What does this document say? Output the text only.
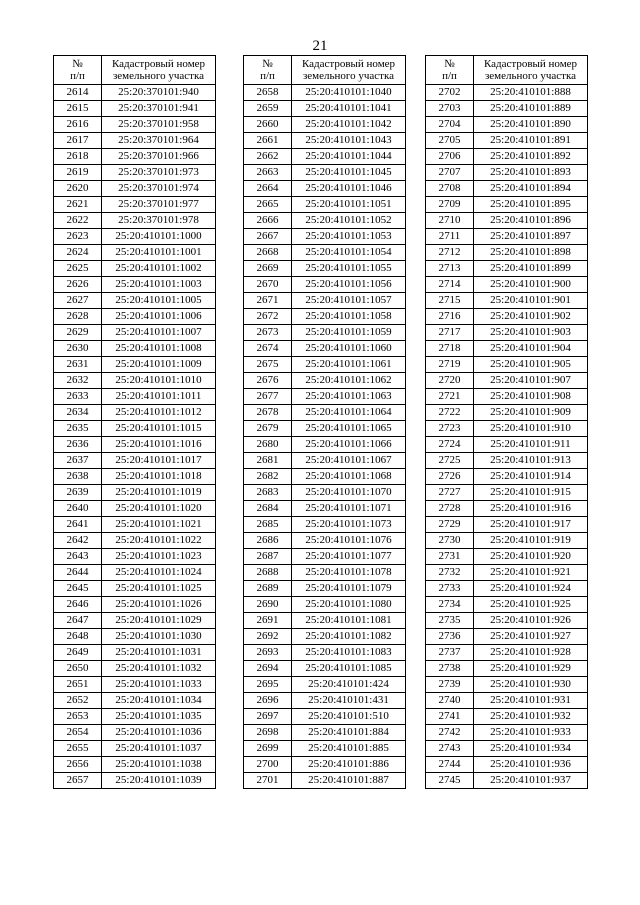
21
№
п/п	Кадастровый номер
земельного участка
2614	25:20:370101:940
2615	25:20:370101:941
2616	25:20:370101:958
2617	25:20:370101:964
2618	25:20:370101:966
2619	25:20:370101:973
2620	25:20:370101:974
2621	25:20:370101:977
2622	25:20:370101:978
2623	25:20:410101:1000
2624	25:20:410101:1001
2625	25:20:410101:1002
2626	25:20:410101:1003
2627	25:20:410101:1005
2628	25:20:410101:1006
2629	25:20:410101:1007
2630	25:20:410101:1008
2631	25:20:410101:1009
2632	25:20:410101:1010
2633	25:20:410101:1011
2634	25:20:410101:1012
2635	25:20:410101:1015
2636	25:20:410101:1016
2637	25:20:410101:1017
2638	25:20:410101:1018
2639	25:20:410101:1019
2640	25:20:410101:1020
2641	25:20:410101:1021
2642	25:20:410101:1022
2643	25:20:410101:1023
2644	25:20:410101:1024
2645	25:20:410101:1025
2646	25:20:410101:1026
2647	25:20:410101:1029
2648	25:20:410101:1030
2649	25:20:410101:1031
2650	25:20:410101:1032
2651	25:20:410101:1033
2652	25:20:410101:1034
2653	25:20:410101:1035
2654	25:20:410101:1036
2655	25:20:410101:1037
2656	25:20:410101:1038
2657	25:20:410101:1039
№
п/п	Кадастровый номер
земельного участка
2658	25:20:410101:1040
2659	25:20:410101:1041
2660	25:20:410101:1042
2661	25:20:410101:1043
2662	25:20:410101:1044
2663	25:20:410101:1045
2664	25:20:410101:1046
2665	25:20:410101:1051
2666	25:20:410101:1052
2667	25:20:410101:1053
2668	25:20:410101:1054
2669	25:20:410101:1055
2670	25:20:410101:1056
2671	25:20:410101:1057
2672	25:20:410101:1058
2673	25:20:410101:1059
2674	25:20:410101:1060
2675	25:20:410101:1061
2676	25:20:410101:1062
2677	25:20:410101:1063
2678	25:20:410101:1064
2679	25:20:410101:1065
2680	25:20:410101:1066
2681	25:20:410101:1067
2682	25:20:410101:1068
2683	25:20:410101:1070
2684	25:20:410101:1071
2685	25:20:410101:1073
2686	25:20:410101:1076
2687	25:20:410101:1077
2688	25:20:410101:1078
2689	25:20:410101:1079
2690	25:20:410101:1080
2691	25:20:410101:1081
2692	25:20:410101:1082
2693	25:20:410101:1083
2694	25:20:410101:1085
2695	25:20:410101:424
2696	25:20:410101:431
2697	25:20:410101:510
2698	25:20:410101:884
2699	25:20:410101:885
2700	25:20:410101:886
2701	25:20:410101:887
№
п/п	Кадастровый номер
земельного участка
2702	25:20:410101:888
2703	25:20:410101:889
2704	25:20:410101:890
2705	25:20:410101:891
2706	25:20:410101:892
2707	25:20:410101:893
2708	25:20:410101:894
2709	25:20:410101:895
2710	25:20:410101:896
2711	25:20:410101:897
2712	25:20:410101:898
2713	25:20:410101:899
2714	25:20:410101:900
2715	25:20:410101:901
2716	25:20:410101:902
2717	25:20:410101:903
2718	25:20:410101:904
2719	25:20:410101:905
2720	25:20:410101:907
2721	25:20:410101:908
2722	25:20:410101:909
2723	25:20:410101:910
2724	25:20:410101:911
2725	25:20:410101:913
2726	25:20:410101:914
2727	25:20:410101:915
2728	25:20:410101:916
2729	25:20:410101:917
2730	25:20:410101:919
2731	25:20:410101:920
2732	25:20:410101:921
2733	25:20:410101:924
2734	25:20:410101:925
2735	25:20:410101:926
2736	25:20:410101:927
2737	25:20:410101:928
2738	25:20:410101:929
2739	25:20:410101:930
2740	25:20:410101:931
2741	25:20:410101:932
2742	25:20:410101:933
2743	25:20:410101:934
2744	25:20:410101:936
2745	25:20:410101:937
